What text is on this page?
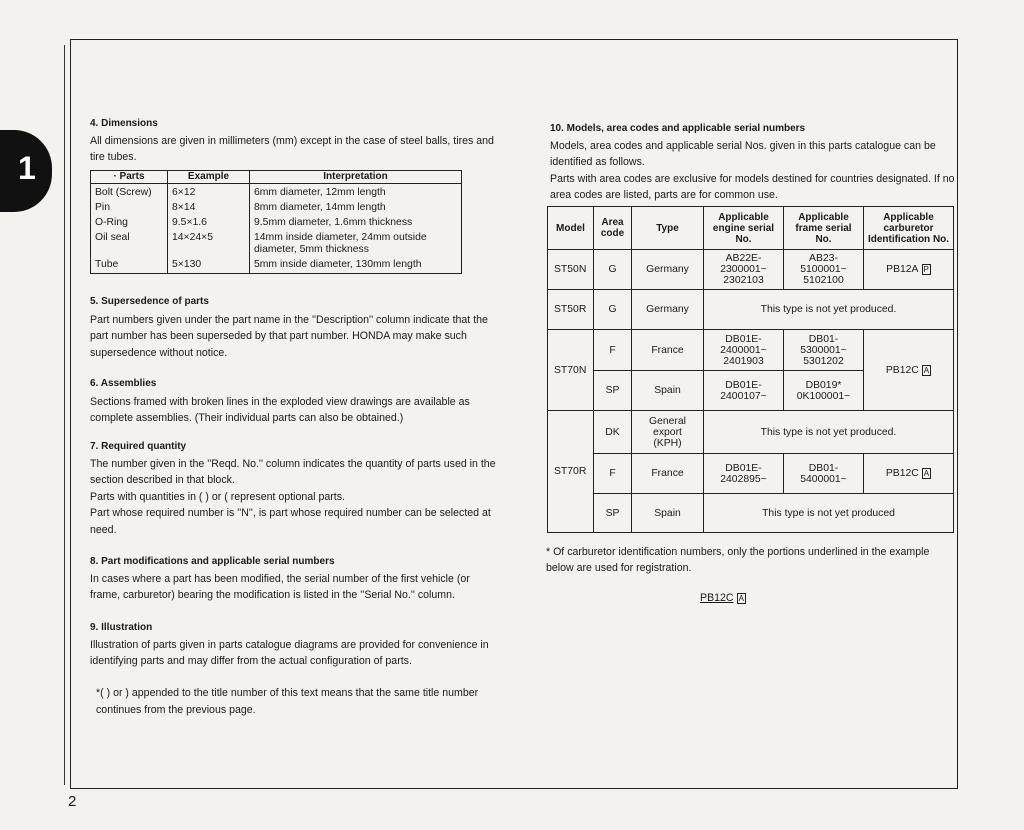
1
2
4. Dimensions

All dimensions are given in millimeters (mm) except in the case of steel balls, tires and tire tubes.

· Parts	Example	Interpretation
Bolt (Screw)	6×12	6mm diameter, 12mm length
Pin	8×14	8mm diameter, 14mm length
O-Ring	9.5×1.6	9.5mm diameter, 1.6mm thickness
Oil seal	14×24×5	14mm inside diameter, 24mm outside diameter, 5mm thickness
Tube	5×130	5mm inside diameter, 130mm length
5. Supersedence of parts

Part numbers given under the part name in the ''Description'' column indicate that the part number has been superseded by that part number. HONDA may make such supersedence without notice.

6. Assemblies

Sections framed with broken lines in the exploded view drawings are available as complete assemblies. (Their individual parts can also be obtained.)

7. Required quantity

The number given in the ''Reqd. No.'' column indicates the quantity of parts used in the section described in that block.

Parts with quantities in ( ) or ( represent optional parts.

Part whose required number is ''N'', is part whose required number can be selected at need.

8. Part modifications and applicable serial numbers

In cases where a part has been modified, the serial number of the first vehicle (or frame, carburetor) bearing the modification is listed in the ''Serial No.'' column.

9. Illustration

Illustration of parts given in parts catalogue diagrams are provided for convenience in identifying parts and may differ from the actual configuration of parts.

*( ) or ) appended to the title number of this text means that the same title number continues from the previous page.
10. Models, area codes and applicable serial numbers

Models, area codes and applicable serial Nos. given in this parts catalogue can be identified as follows.

Parts with area codes are exclusive for models destined for countries designated. If no area codes are listed, parts are for common use.

Model	Area code	Type	Applicable engine serial No.	Applicable frame serial No.	Applicable carburetor Identification No.
ST50N	G	Germany	AB22E-
2300001~
2302103	AB23-
5100001~
5102100	PB12A P
ST50R	G	Germany	This type is not yet produced.		
ST70N	F	France	DB01E-
2400001~
2401903	DB01-
5300001~
5301202	PB12C A
	SP	Spain	DB01E-
2400107~	DB019*
0K100001~	
ST70R	DK	General
export
(KPH)	This type is not yet produced.		
	F	France	DB01E-
2402895~	DB01-
5400001~	PB12C A
	SP	Spain	This type is not yet produced		
* Of carburetor identification numbers, only the portions underlined in the example below are used for registration.
PB12C A
